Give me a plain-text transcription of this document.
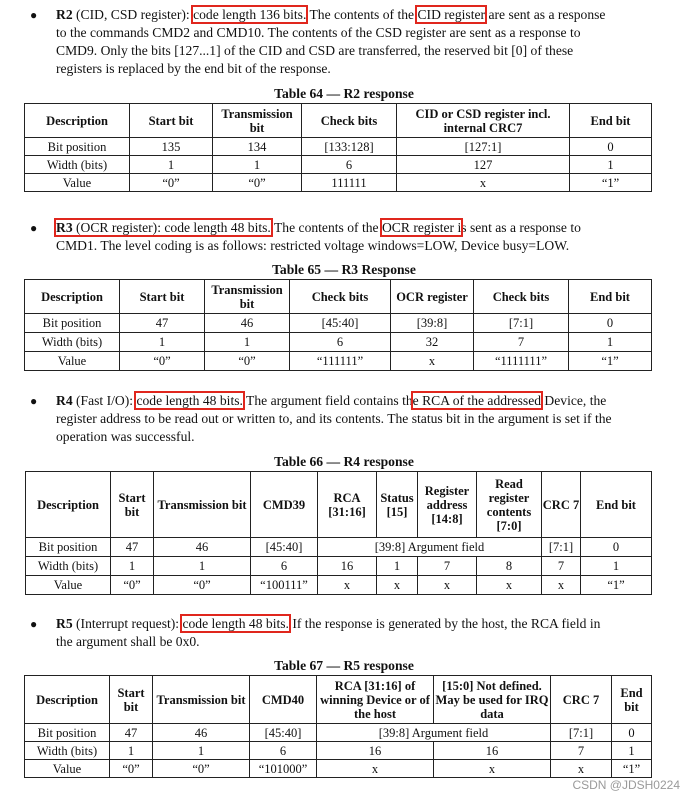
● R2 (CID, CSD register): code length 136 bits. The contents of the CID register are sent as a response
to the commands CMD2 and CMD10. The contents of the CSD register are sent as a response to
CMD9. Only the bits [127...1] of the CID and CSD are transferred, the reserved bit [0] of these
registers is replaced by the end bit of the response.
Table 64 — R2 response
Description	Start bit	Transmission bit	Check bits	CID or CSD register incl. internal CRC7	End bit
Bit position	135	134	[133:128]	[127:1]	0
Width (bits)	1	1	6	127	1
Value	“0”	“0”	111111	x	“1”
● R3 (OCR register): code length 48 bits. The contents of the OCR register is sent as a response to
CMD1. The level coding is as follows: restricted voltage windows=LOW, Device busy=LOW.
Table 65 — R3 Response
Description	Start bit	Transmission bit	Check bits	OCR register	Check bits	End bit
Bit position	47	46	[45:40]	[39:8]	[7:1]	0
Width (bits)	1	1	6	32	7	1
Value	“0”	“0”	“111111”	x	“1111111”	“1”
● R4 (Fast I/O): code length 48 bits. The argument field contains the RCA of the addressed Device, the
register address to be read out or written to, and its contents. The status bit in the argument is set if the
operation was successful.
Table 66 — R4 response
Description	Start bit	Transmission bit	CMD39	RCA [31:16]	Status [15]	Register address [14:8]	Read register contents [7:0]	CRC 7	End bit
Bit position	47	46	[45:40]	[39:8] Argument field				[7:1]	0
Width (bits)	1	1	6	16	1	7	8	7	1
Value	“0”	“0”	“100111”	x	x	x	x	x	“1”
● R5 (Interrupt request): code length 48 bits. If the response is generated by the host, the RCA field in
the argument shall be 0x0.
Table 67 — R5 response
Description	Start bit	Transmission bit	CMD40	RCA [31:16] of winning Device or of the host	[15:0] Not defined. May be used for IRQ data	CRC 7	End bit
Bit position	47	46	[45:40]	[39:8] Argument field		[7:1]	0
Width (bits)	1	1	6	16	16	7	1
Value	“0”	“0”	“101000”	x	x	x	“1”
CSDN @JDSH0224
